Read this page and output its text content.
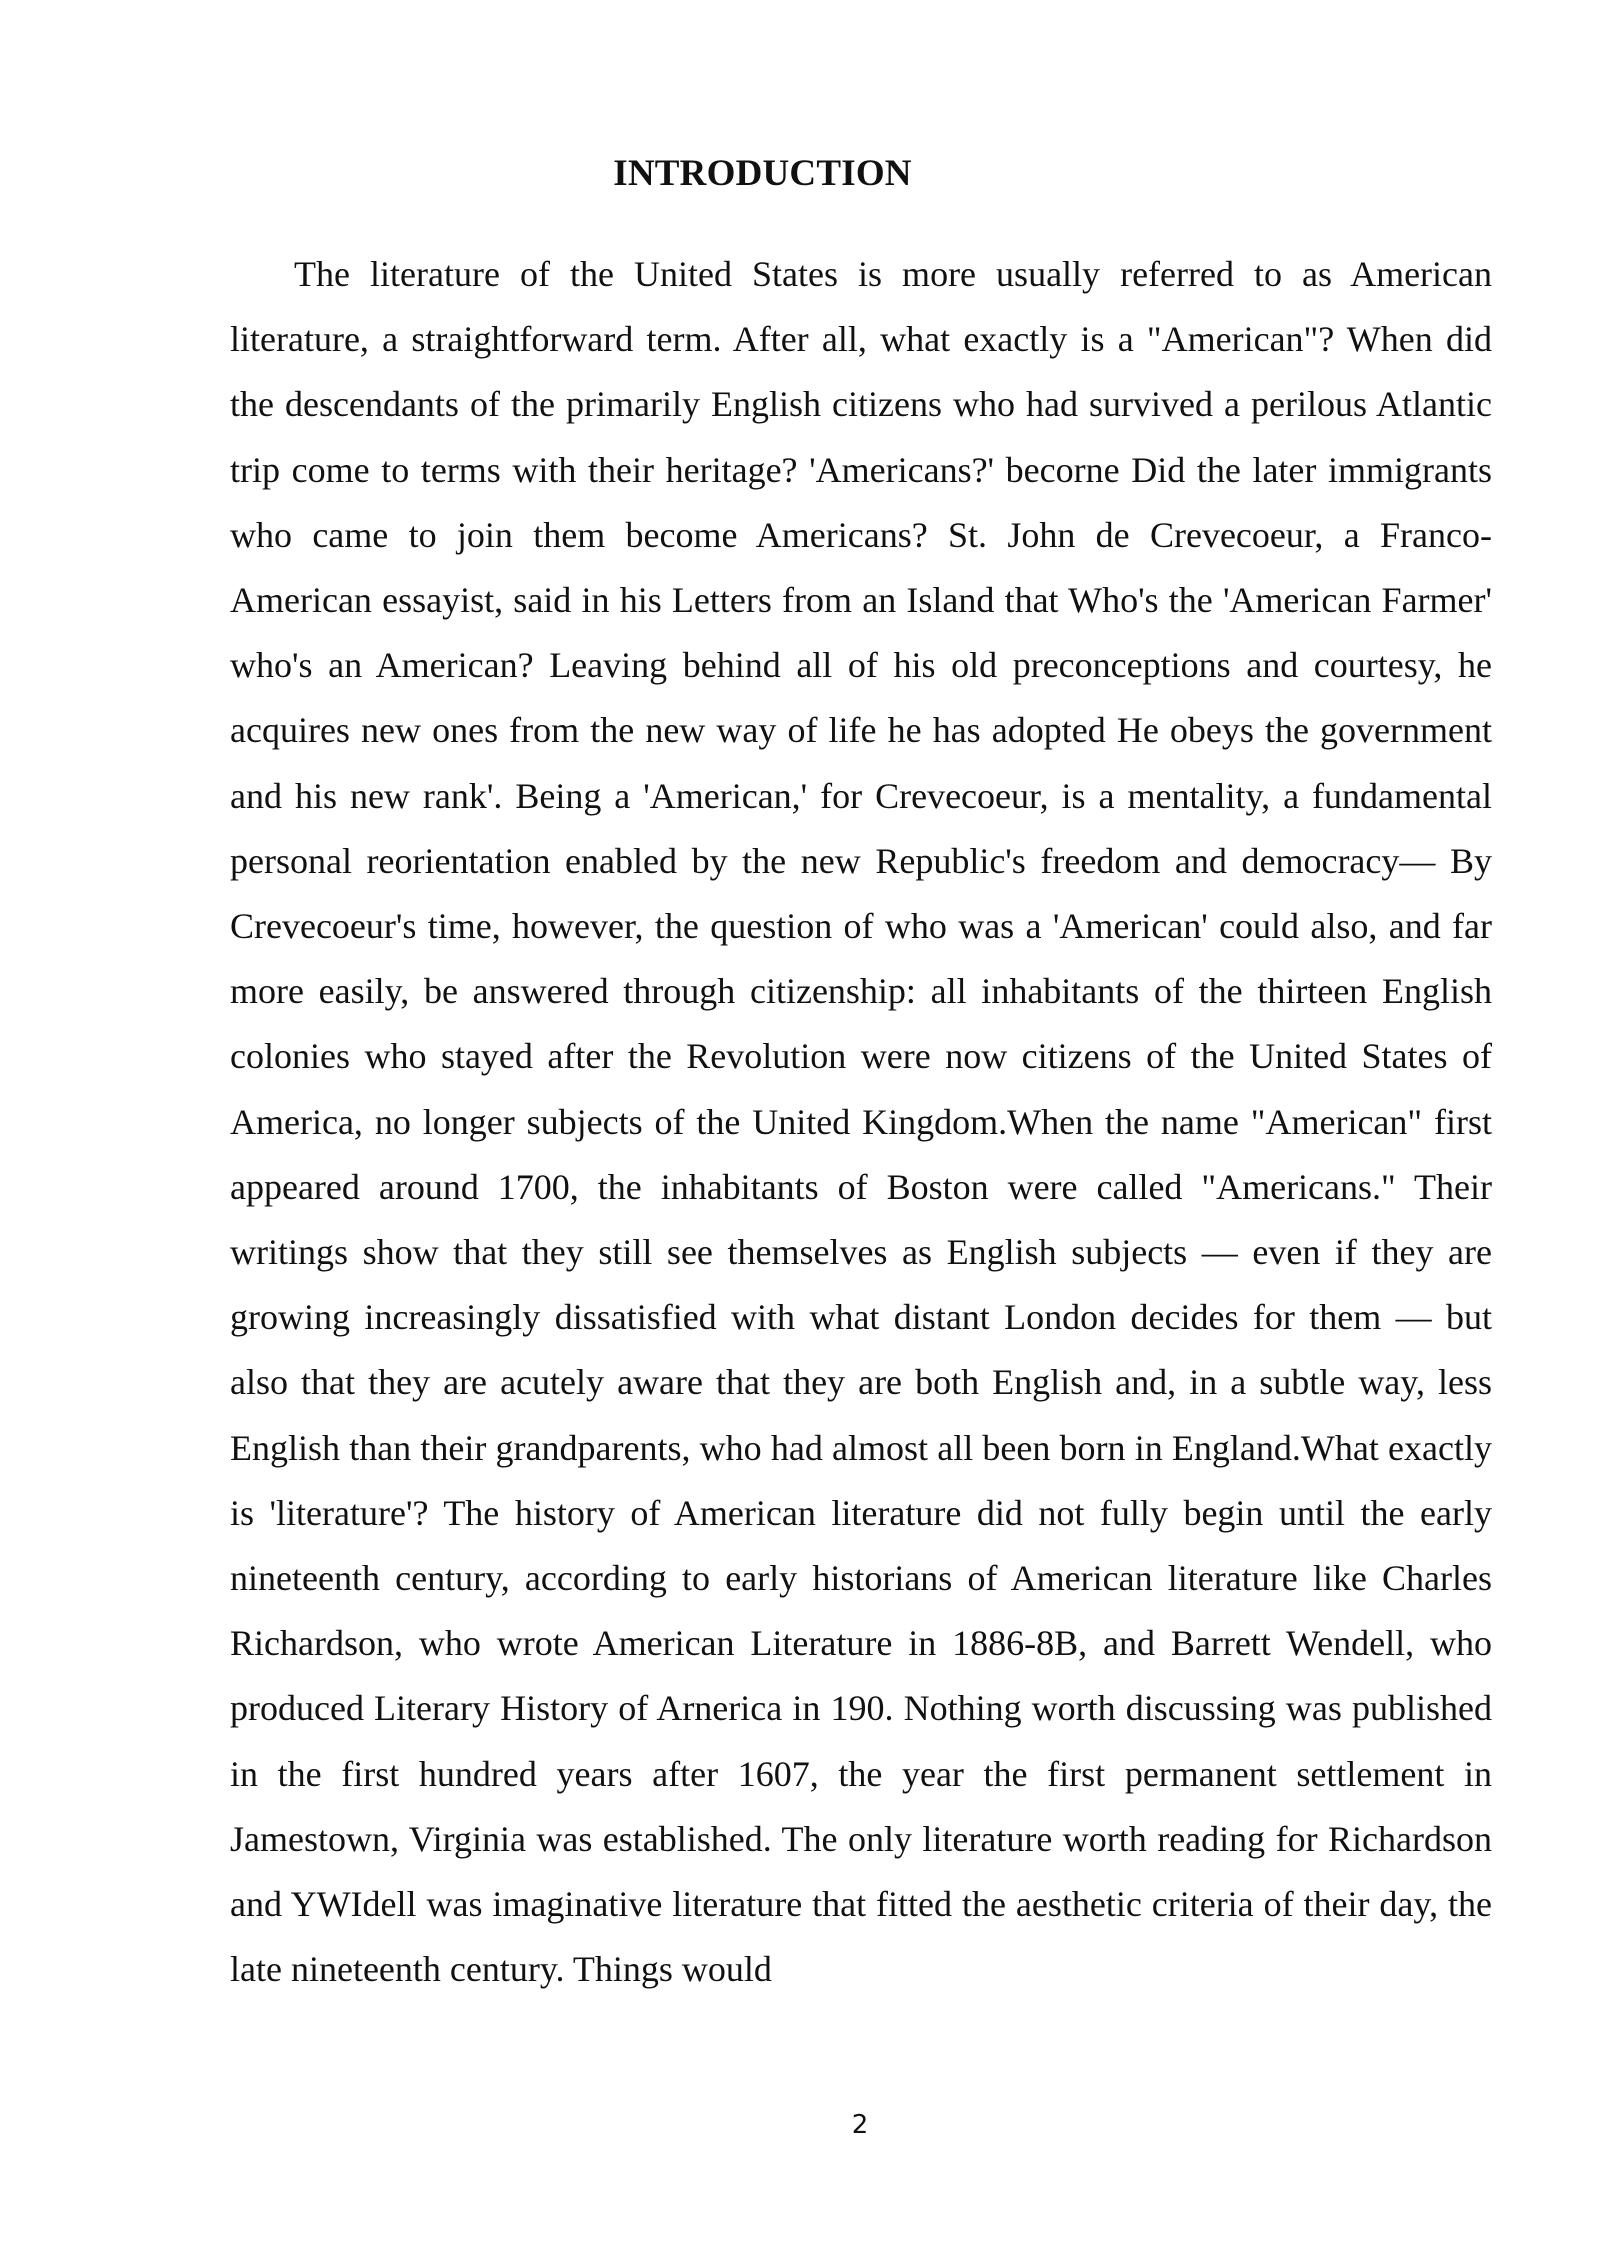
INTRODUCTION

The literature of the United States is more usually referred to as American literature, a straightforward term. After all, what exactly is a "American"? When did the descendants of the primarily English citizens who had survived a perilous Atlantic trip come to terms with their heritage? 'Americans?' becorne Did the later immigrants who came to join them become Americans? St. John de Crevecoeur, a Franco-American essayist, said in his Letters from an Island that Who's the 'American Farmer' who's an American? Leaving behind all of his old preconceptions and courtesy, he acquires new ones from the new way of life he has adopted He obeys the government and his new rank'. Being a 'American,' for Crevecoeur, is a mentality, a fundamental personal reorientation enabled by the new Republic's freedom and democracy— By Crevecoeur's time, however, the question of who was a 'American' could also, and far more easily, be answered through citizenship: all inhabitants of the thirteen English colonies who stayed after the Revolution were now citizens of the United States of America, no longer subjects of the United Kingdom.When the name "American" first appeared around 1700, the inhabitants of Boston were called "Americans." Their writings show that they still see themselves as English subjects — even if they are growing increasingly dissatisfied with what distant London decides for them — but also that they are acutely aware that they are both English and, in a subtle way, less English than their grandparents, who had almost all been born in England.What exactly is 'literature'? The history of American literature did not fully begin until the early nineteenth century, according to early historians of American literature like Charles Richardson, who wrote American Literature in 1886-8B, and Barrett Wendell, who produced Literary History of Arnerica in 190. Nothing worth discussing was published in the first hundred years after 1607, the year the first permanent settlement in Jamestown, Virginia was established. The only literature worth reading for Richardson and YWIdell was imaginative literature that fitted the aesthetic criteria of their day, the late nineteenth century. Things would

2
